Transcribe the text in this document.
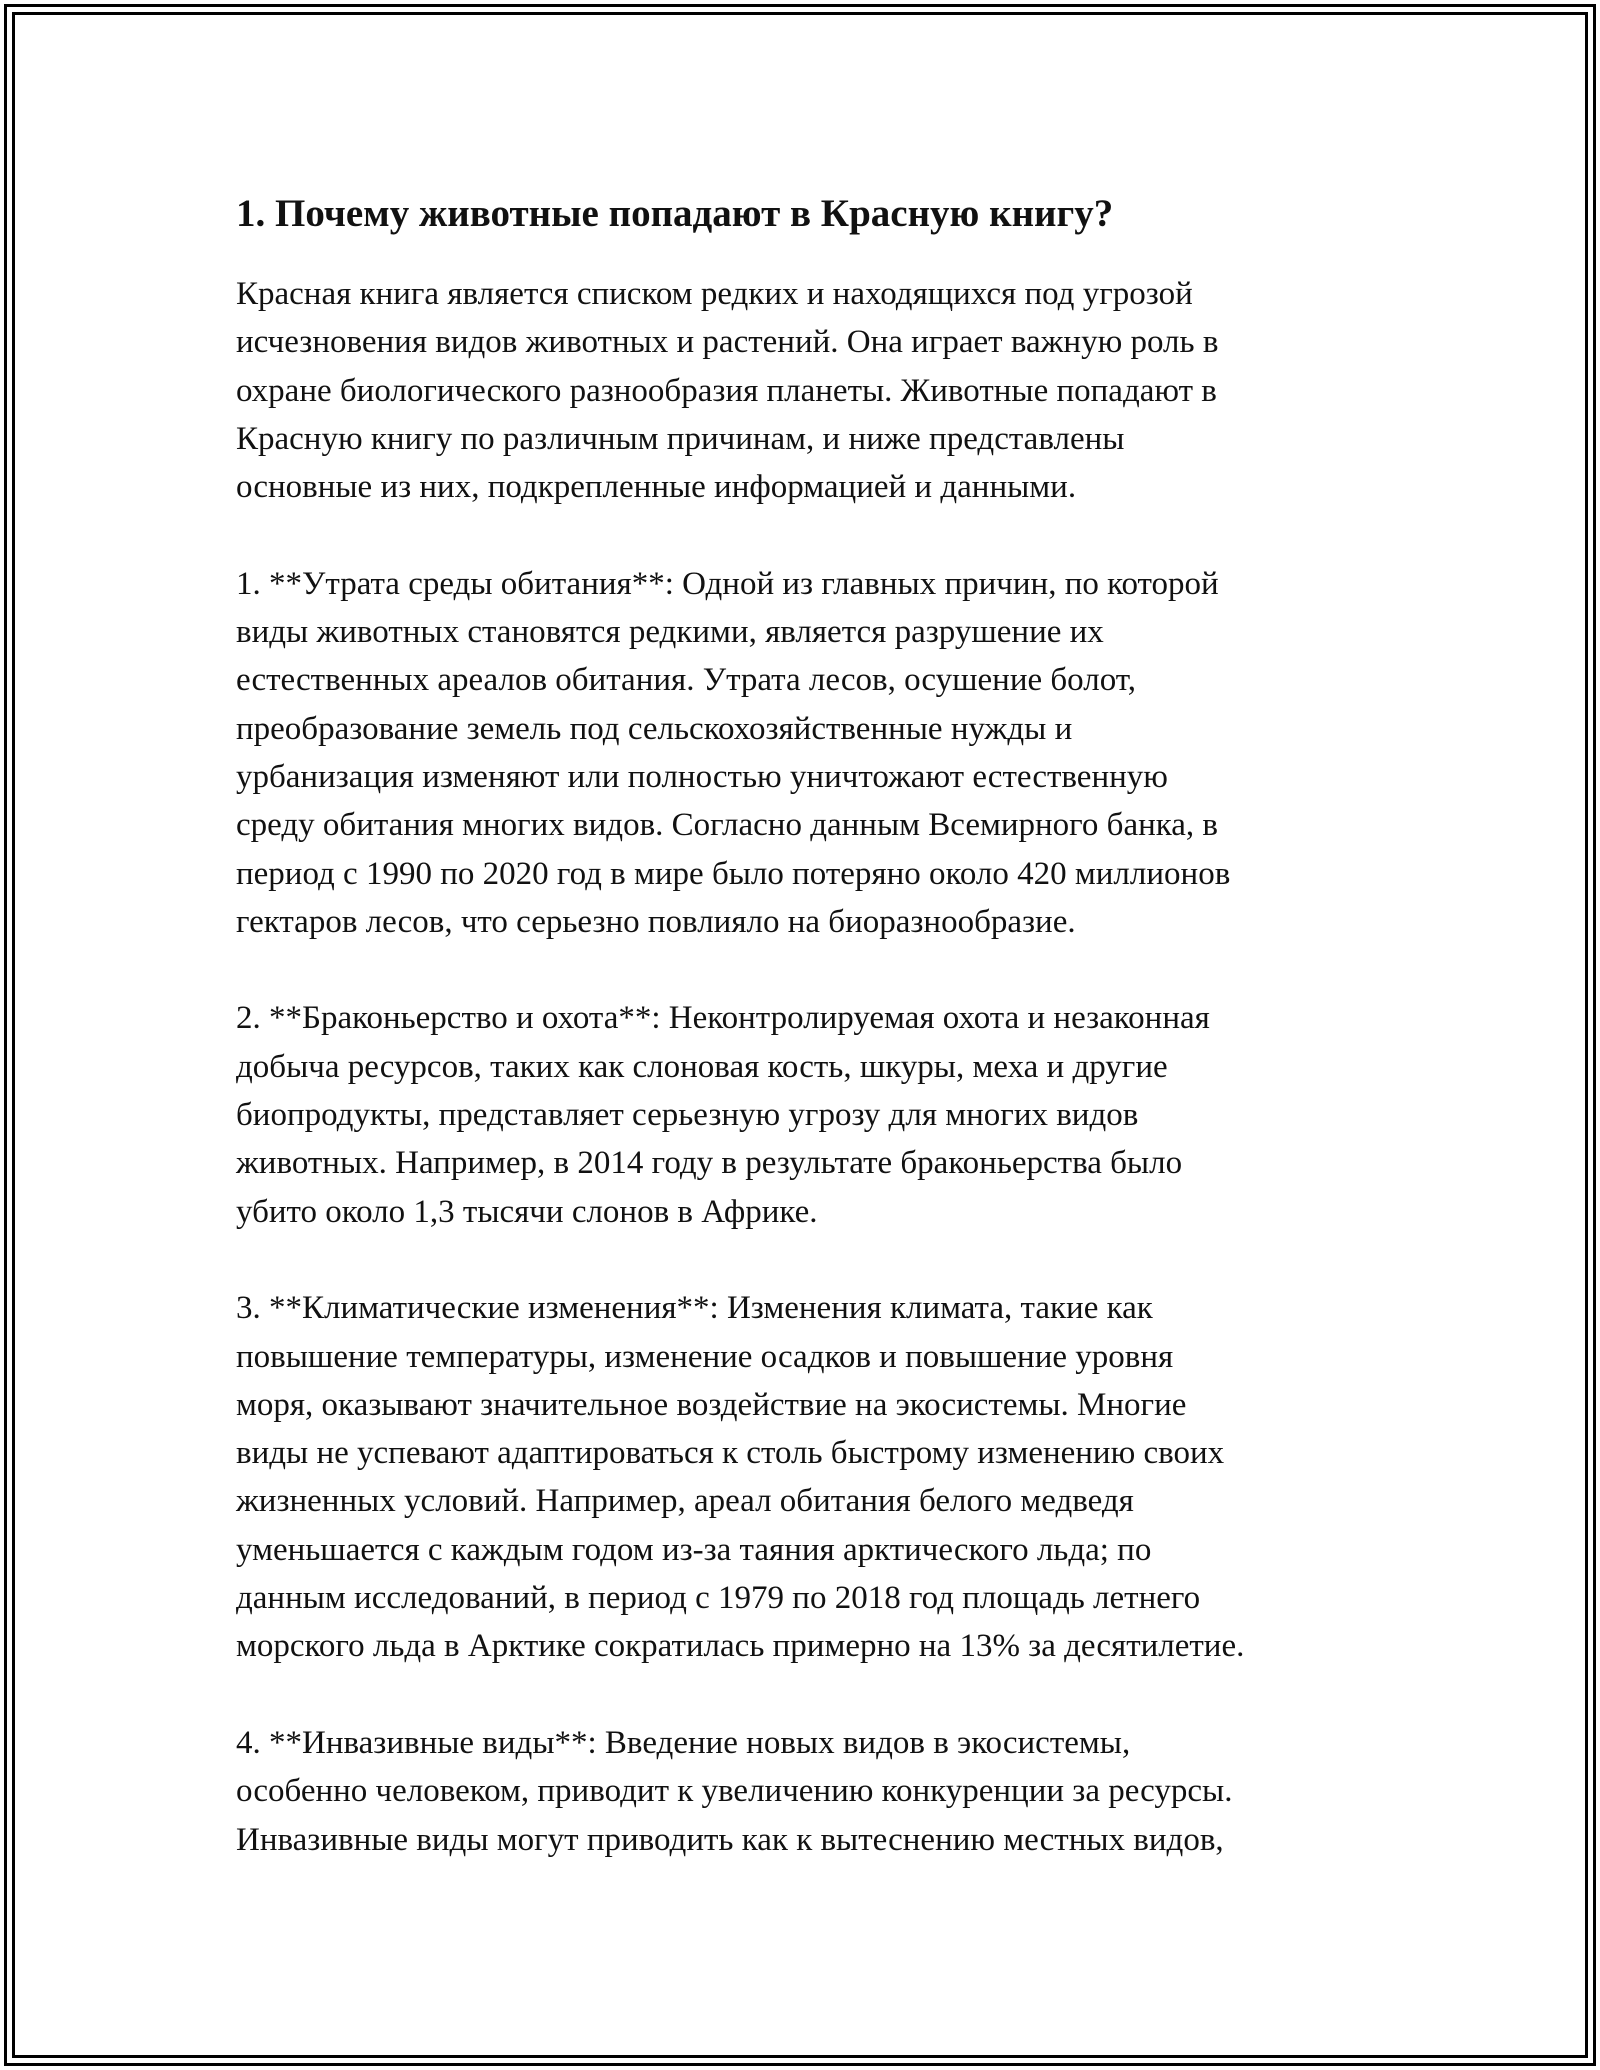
1. Почему животные попадают в Красную книгу?

Красная книга является списком редких и находящихся под угрозой
исчезновения видов животных и растений. Она играет важную роль в
охране биологического разнообразия планеты. Животные попадают в
Красную книгу по различным причинам, и ниже представлены
основные из них, подкрепленные информацией и данными.

1. **Утрата среды обитания**: Одной из главных причин, по которой
виды животных становятся редкими, является разрушение их
естественных ареалов обитания. Утрата лесов, осушение болот,
преобразование земель под сельскохозяйственные нужды и
урбанизация изменяют или полностью уничтожают естественную
среду обитания многих видов. Согласно данным Всемирного банка, в
период с 1990 по 2020 год в мире было потеряно около 420 миллионов
гектаров лесов, что серьезно повлияло на биоразнообразие.

2. **Браконьерство и охота**: Неконтролируемая охота и незаконная
добыча ресурсов, таких как слоновая кость, шкуры, меха и другие
биопродукты, представляет серьезную угрозу для многих видов
животных. Например, в 2014 году в результате браконьерства было
убито около 1,3 тысячи слонов в Африке.

3. **Климатические изменения**: Изменения климата, такие как
повышение температуры, изменение осадков и повышение уровня
моря, оказывают значительное воздействие на экосистемы. Многие
виды не успевают адаптироваться к столь быстрому изменению своих
жизненных условий. Например, ареал обитания белого медведя
уменьшается с каждым годом из-за таяния арктического льда; по
данным исследований, в период с 1979 по 2018 год площадь летнего
морского льда в Арктике сократилась примерно на 13% за десятилетие.

4. **Инвазивные виды**: Введение новых видов в экосистемы,
особенно человеком, приводит к увеличению конкуренции за ресурсы.
Инвазивные виды могут приводить как к вытеснению местных видов,
